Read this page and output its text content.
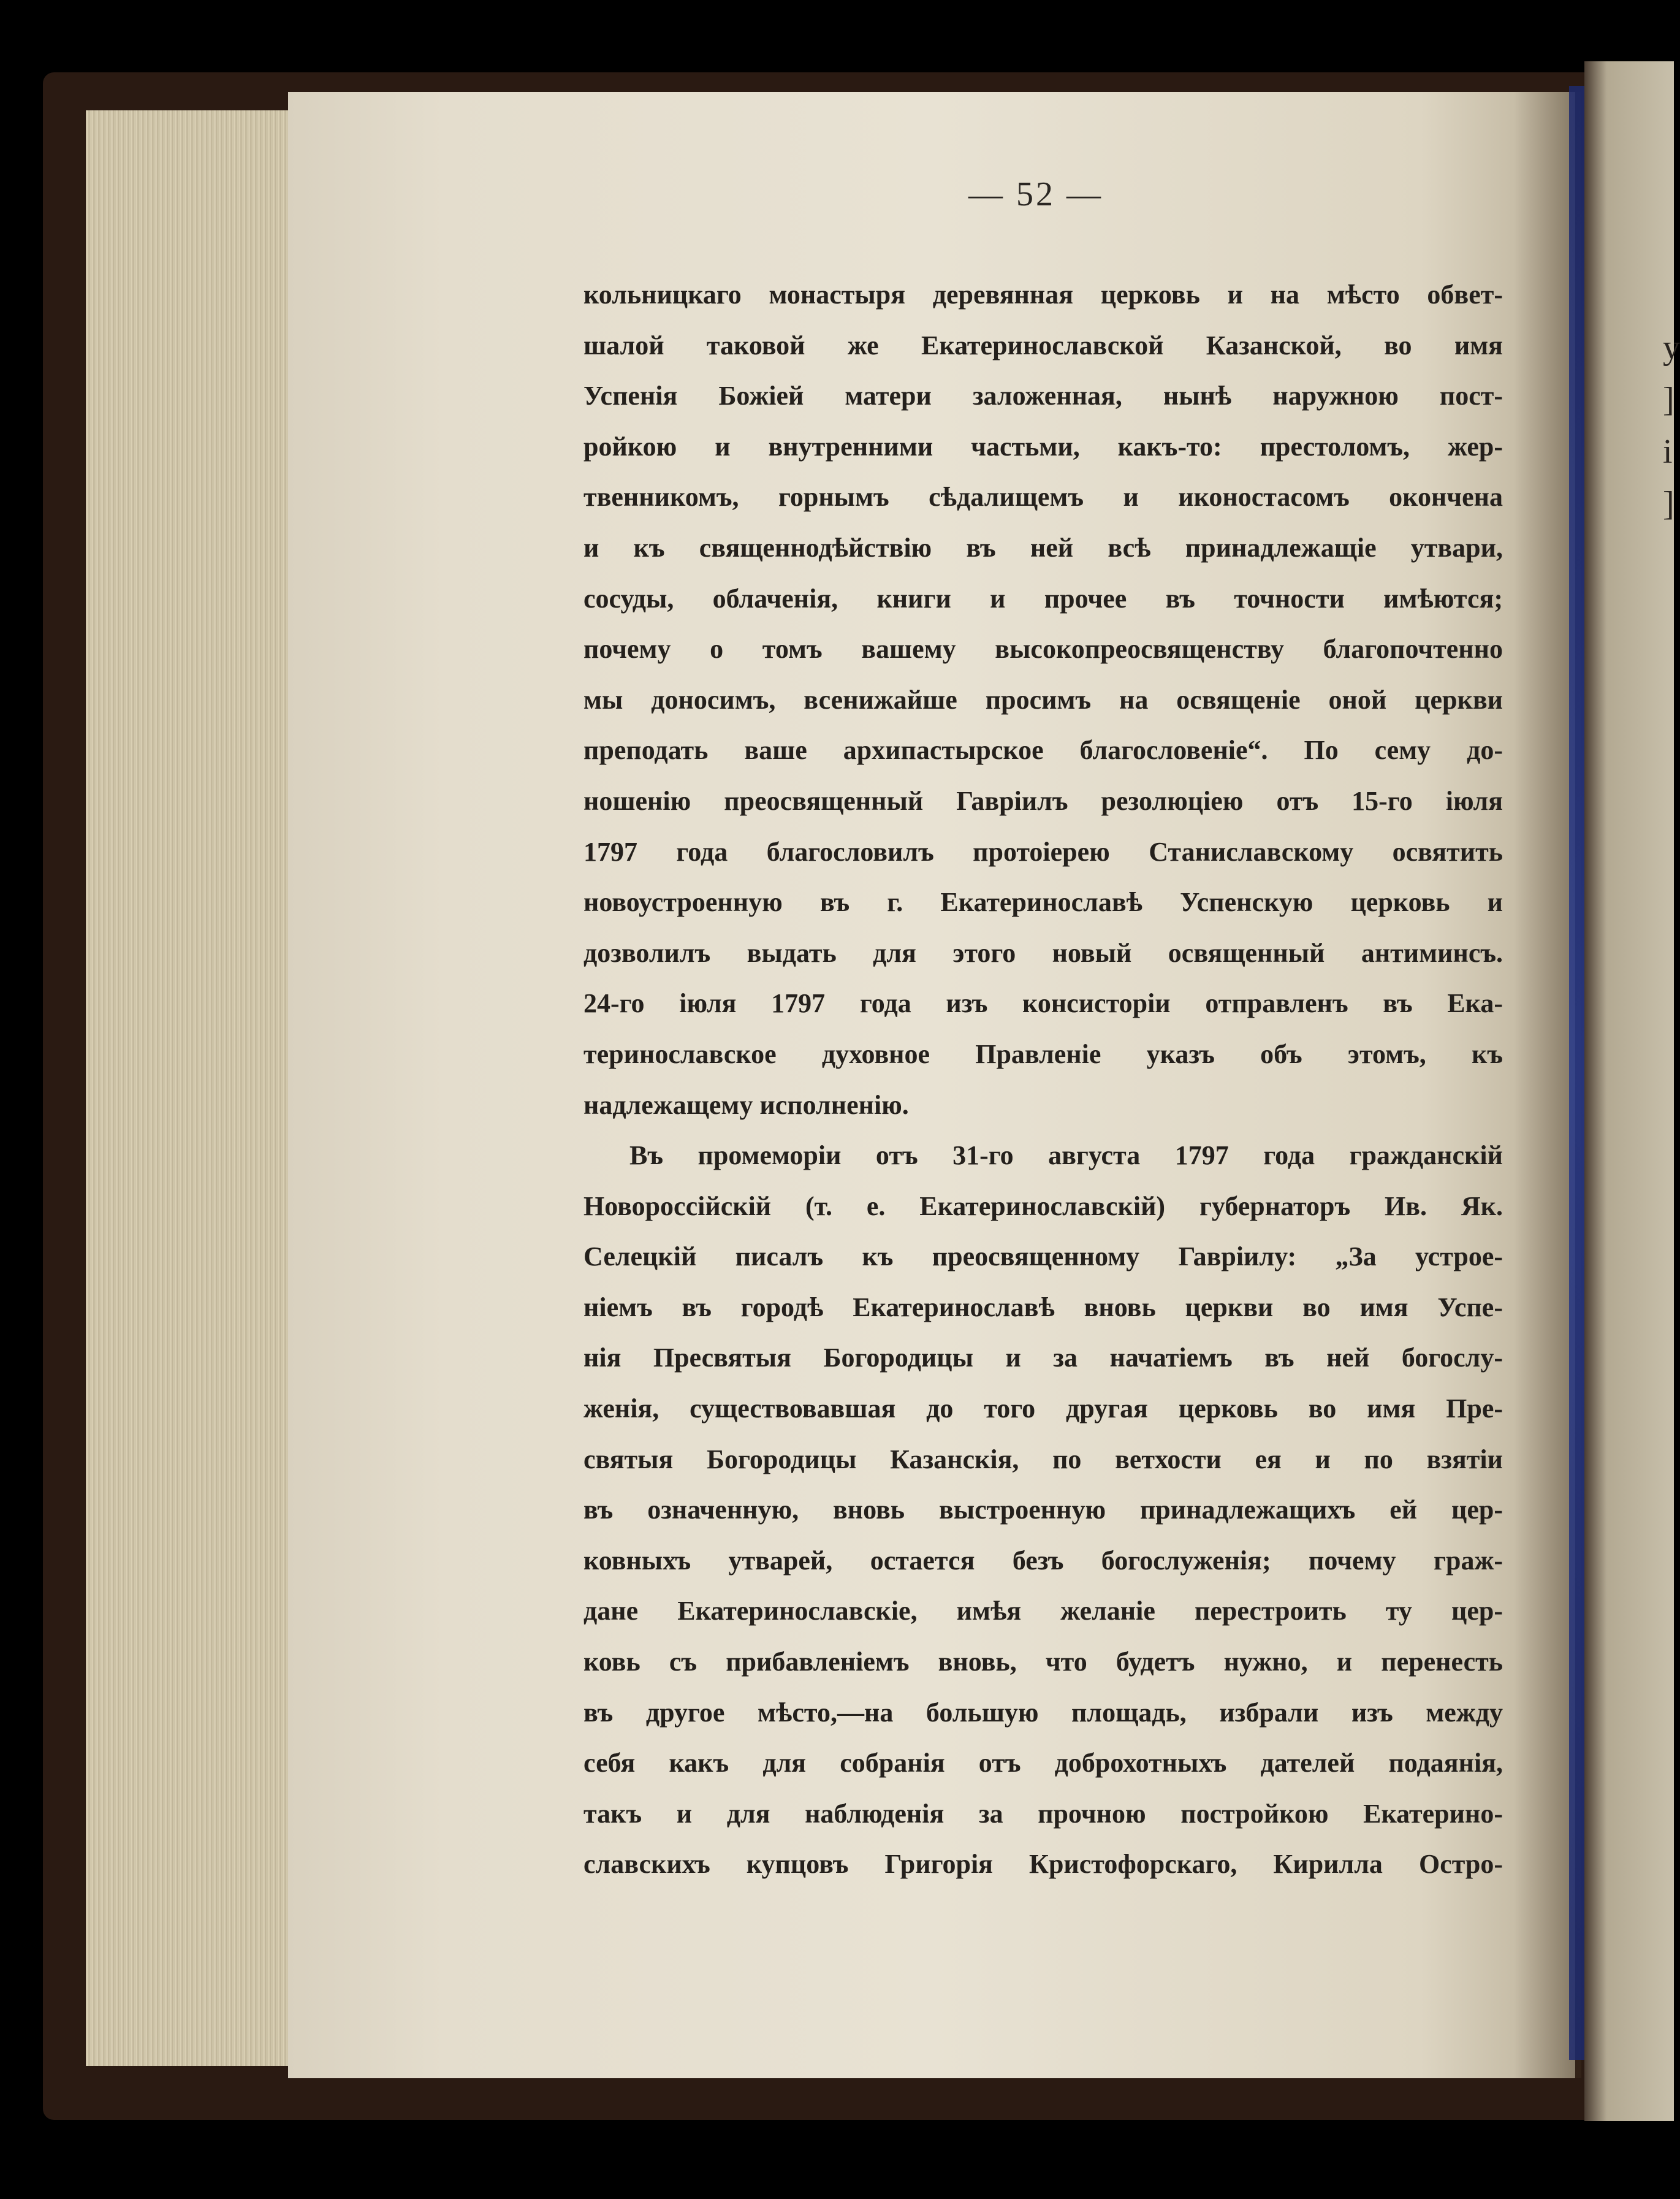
у
]
і
]
— 52 —
кольницкаго монастыря деревянная церковь и на мѣсто обвет-
шалой таковой же Екатеринославской Казанской, во имя
Успенія Божіей матери заложенная, нынѣ наружною пост-
ройкою и внутренними частьми, какъ-то: престоломъ, жер-
твенникомъ, горнымъ сѣдалищемъ и иконостасомъ окончена
и къ священнодѣйствію въ ней всѣ принадлежащіе утвари,
сосуды, облаченія, книги и прочее въ точности имѣются;
почему о томъ вашему высокопреосвященству благопочтенно
мы доносимъ, всенижайше просимъ на освященіе оной церкви
преподать ваше архипастырское благословеніе“. По сему до-
ношенію преосвященный Гавріилъ резолюціею отъ 15-го іюля
1797 года благословилъ протоіерею Станиславскому освятить
новоустроенную въ г. Екатеринославѣ Успенскую церковь и
дозволилъ выдать для этого новый освященный антиминсъ.
24-го іюля 1797 года изъ консисторіи отправленъ въ Ека-
теринославское духовное Правленіе указъ объ этомъ, къ
надлежащему исполненію.
Въ промеморіи отъ 31-го августа 1797 года гражданскій
Новороссійскій (т. е. Екатеринославскій) губернаторъ Ив. Як.
Селецкій писалъ къ преосвященному Гавріилу: „За устрое-
ніемъ въ городѣ Екатеринославѣ вновь церкви во имя Успе-
нія Пресвятыя Богородицы и за начатіемъ въ ней богослу-
женія, существовавшая до того другая церковь во имя Пре-
святыя Богородицы Казанскія, по ветхости ея и по взятіи
въ означенную, вновь выстроенную принадлежащихъ ей цер-
ковныхъ утварей, остается безъ богослуженія; почему граж-
дане Екатеринославскіе, имѣя желаніе перестроить ту цер-
ковь съ прибавленіемъ вновь, что будетъ нужно, и перенесть
въ другое мѣсто,—на большую площадь, избрали изъ между
себя какъ для собранія отъ доброхотныхъ дателей подаянія,
такъ и для наблюденія за прочною постройкою Екатерино-
славскихъ купцовъ Григорія Кристофорскаго, Кирилла Остро-
